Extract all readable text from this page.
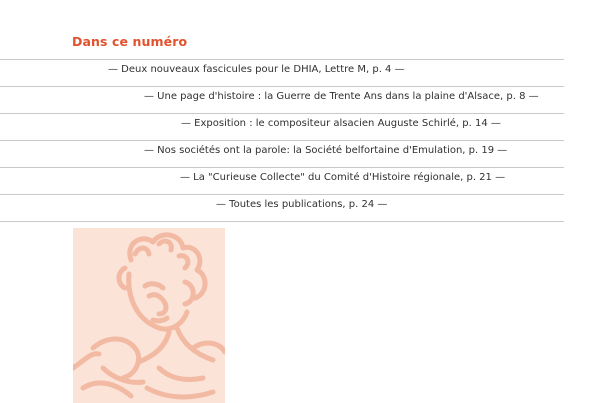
Dans ce numéro
— Deux nouveaux fascicules pour le DHIA, Lettre M, p. 4 —
— Une page d'histoire : la Guerre de Trente Ans dans la plaine d'Alsace, p. 8 —
— Exposition : le compositeur alsacien Auguste Schirlé, p. 14 —
— Nos sociétés ont la parole: la Société belfortaine d'Emulation, p. 19 —
— La "Curieuse Collecte" du Comité d'Histoire régionale, p. 21 —
— Toutes les publications, p. 24 —
